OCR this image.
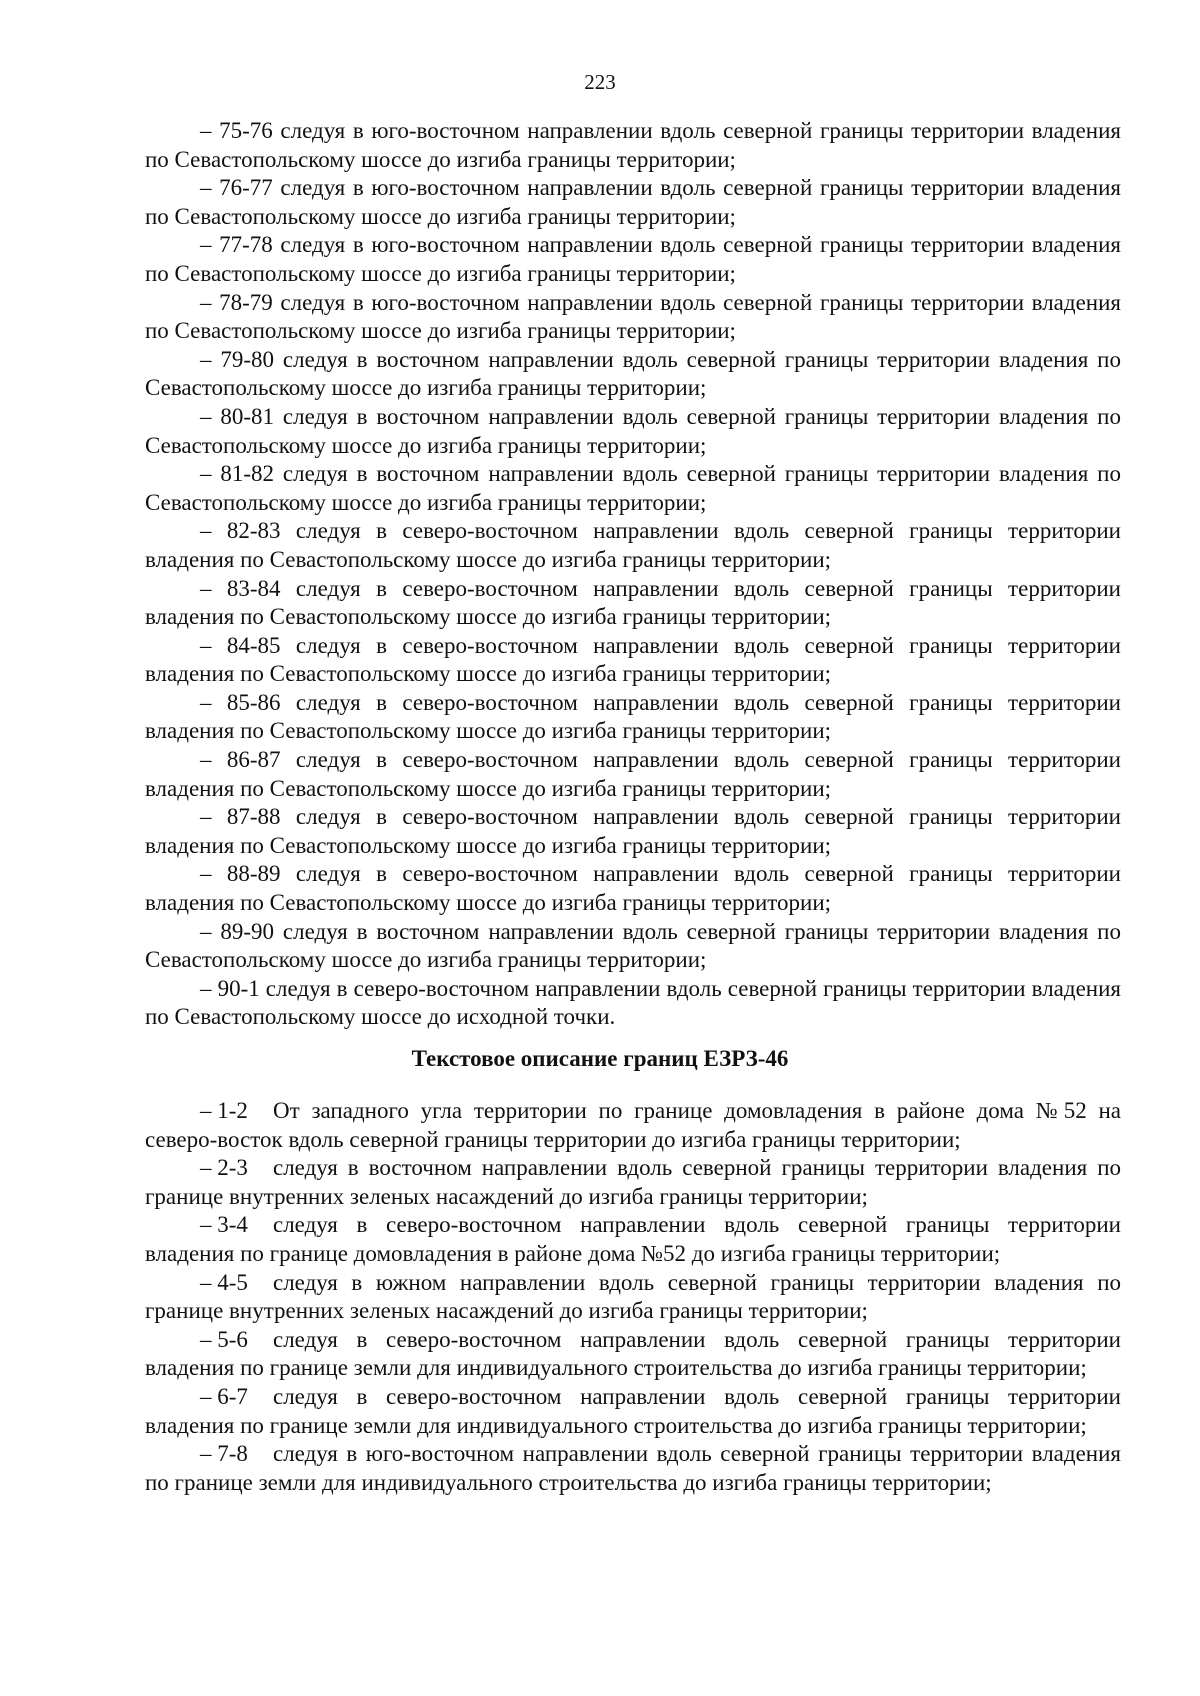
223

– 75-76 следуя в юго-восточном направлении вдоль северной границы территории владения по Севастопольскому шоссе до изгиба границы территории;

– 76-77 следуя в юго-восточном направлении вдоль северной границы территории владения по Севастопольскому шоссе до изгиба границы территории;

– 77-78 следуя в юго-восточном направлении вдоль северной границы территории владения по Севастопольскому шоссе до изгиба границы территории;

– 78-79 следуя в юго-восточном направлении вдоль северной границы территории владения по Севастопольскому шоссе до изгиба границы территории;

– 79-80 следуя в восточном направлении вдоль северной границы территории владения по Севастопольскому шоссе до изгиба границы территории;

– 80-81 следуя в восточном направлении вдоль северной границы территории владения по Севастопольскому шоссе до изгиба границы территории;

– 81-82 следуя в восточном направлении вдоль северной границы территории владения по Севастопольскому шоссе до изгиба границы территории;

– 82-83 следуя в северо-восточном направлении вдоль северной границы территории владения по Севастопольскому шоссе до изгиба границы территории;

– 83-84 следуя в северо-восточном направлении вдоль северной границы территории владения по Севастопольскому шоссе до изгиба границы территории;

– 84-85 следуя в северо-восточном направлении вдоль северной границы территории владения по Севастопольскому шоссе до изгиба границы территории;

– 85-86 следуя в северо-восточном направлении вдоль северной границы территории владения по Севастопольскому шоссе до изгиба границы территории;

– 86-87 следуя в северо-восточном направлении вдоль северной границы территории владения по Севастопольскому шоссе до изгиба границы территории;

– 87-88 следуя в северо-восточном направлении вдоль северной границы территории владения по Севастопольскому шоссе до изгиба границы территории;

– 88-89 следуя в северо-восточном направлении вдоль северной границы территории владения по Севастопольскому шоссе до изгиба границы территории;

– 89-90 следуя в восточном направлении вдоль северной границы территории владения по Севастопольскому шоссе до изгиба границы территории;

– 90-1 следуя в северо-восточном направлении вдоль северной границы территории владения по Севастопольскому шоссе до исходной точки.

Текстовое описание границ ЕЗРЗ-46

– 1-2 От западного угла территории по границе домовладения в районе дома №52 на северо-восток вдоль северной границы территории до изгиба границы территории;

– 2-3 следуя в восточном направлении вдоль северной границы территории владения по границе внутренних зеленых насаждений до изгиба границы территории;

– 3-4 следуя в северо-восточном направлении вдоль северной границы территории владения по границе домовладения в районе дома №52 до изгиба границы территории;

– 4-5 следуя в южном направлении вдоль северной границы территории владения по границе внутренних зеленых насаждений до изгиба границы территории;

– 5-6 следуя в северо-восточном направлении вдоль северной границы территории владения по границе земли для индивидуального строительства до изгиба границы территории;

– 6-7 следуя в северо-восточном направлении вдоль северной границы территории владения по границе земли для индивидуального строительства до изгиба границы территории;

– 7-8 следуя в юго-восточном направлении вдоль северной границы территории владения по границе земли для индивидуального строительства до изгиба границы территории;
